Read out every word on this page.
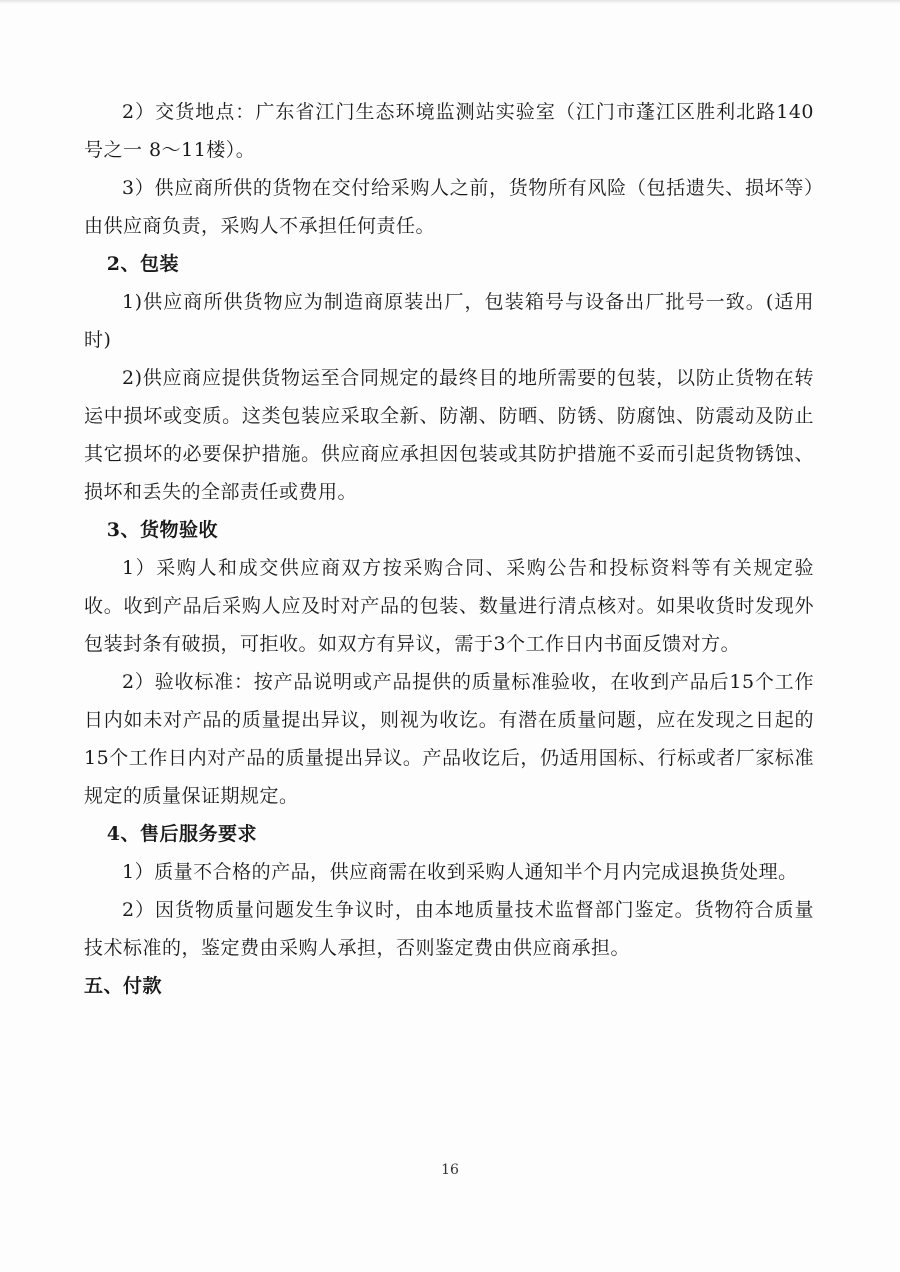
2）交货地点：广东省江门生态环境监测站实验室（江门市蓬江区胜利北路140号之一 8～11楼）。

3）供应商所供的货物在交付给采购人之前，货物所有风险（包括遗失、损坏等）由供应商负责，采购人不承担任何责任。

2、包装

1)供应商所供货物应为制造商原装出厂，包装箱号与设备出厂批号一致。(适用时)

2)供应商应提供货物运至合同规定的最终目的地所需要的包装，以防止货物在转运中损坏或变质。这类包装应采取全新、防潮、防晒、防锈、防腐蚀、防震动及防止其它损坏的必要保护措施。供应商应承担因包装或其防护措施不妥而引起货物锈蚀、损坏和丢失的全部责任或费用。

3、货物验收

1）采购人和成交供应商双方按采购合同、采购公告和投标资料等有关规定验收。收到产品后采购人应及时对产品的包装、数量进行清点核对。如果收货时发现外包装封条有破损，可拒收。如双方有异议，需于3个工作日内书面反馈对方。

2）验收标准：按产品说明或产品提供的质量标准验收，在收到产品后15个工作日内如未对产品的质量提出异议，则视为收讫。有潜在质量问题，应在发现之日起的15个工作日内对产品的质量提出异议。产品收讫后，仍适用国标、行标或者厂家标准规定的质量保证期规定。

4、售后服务要求

1）质量不合格的产品，供应商需在收到采购人通知半个月内完成退换货处理。

2）因货物质量问题发生争议时，由本地质量技术监督部门鉴定。货物符合质量技术标准的，鉴定费由采购人承担，否则鉴定费由供应商承担。

五、付款

16
